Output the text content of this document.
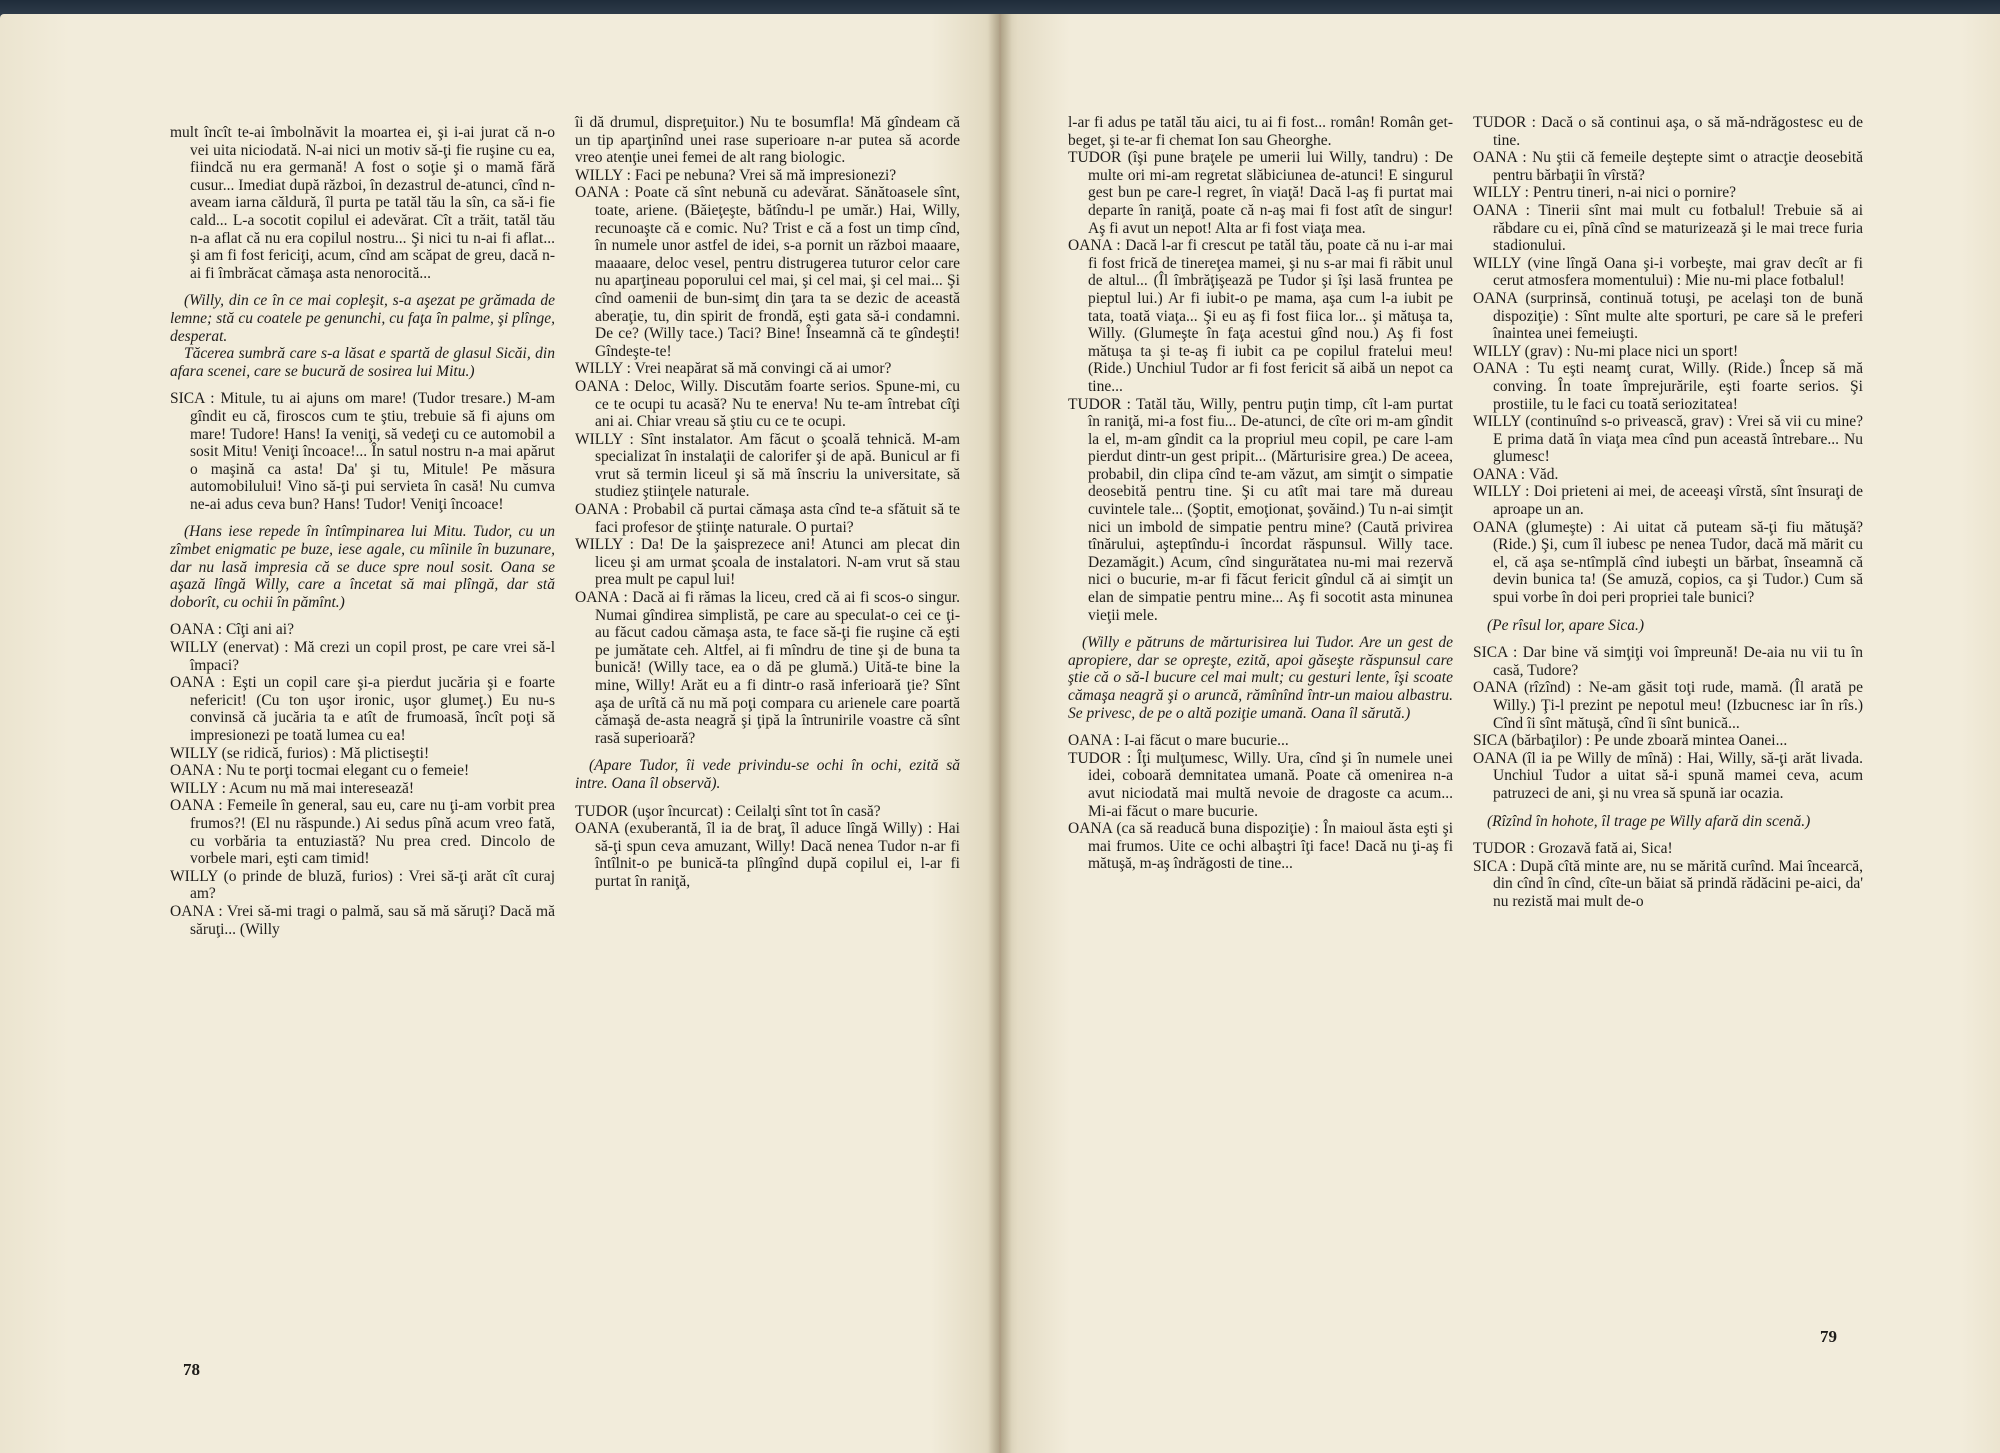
mult încît te-ai îmbolnăvit la moartea ei, şi i-ai jurat că n-o vei uita niciodată. N-ai nici un motiv să-ţi fie ruşine cu ea, fiindcă nu era germană! A fost o soţie şi o mamă fără cusur... Imediat după război, în dezastrul de-atunci, cînd n-aveam iarna căldură, îl purta pe tatăl tău la sîn, ca să-i fie cald... L-a socotit copilul ei adevărat. Cît a trăit, tatăl tău n-a aflat că nu era copilul nostru... Şi nici tu n-ai fi aflat... şi am fi fost fericiţi, acum, cînd am scăpat de greu, dacă n-ai fi îmbrăcat cămaşa asta nenorocită...

(Willy, din ce în ce mai copleşit, s-a aşezat pe grămada de lemne; stă cu coatele pe genunchi, cu faţa în palme, şi plînge, desperat.

Tăcerea sumbră care s-a lăsat e spartă de glasul Sicăi, din afara scenei, care se bucură de sosirea lui Mitu.)

SICA : Mitule, tu ai ajuns om mare! (Tudor tresare.) M-am gîndit eu că, firoscos cum te ştiu, trebuie să fi ajuns om mare! Tudore! Hans! Ia veniţi, să vedeţi cu ce automobil a sosit Mitu! Veniţi încoace!... În satul nostru n-a mai apărut o maşină ca asta! Da' şi tu, Mitule! Pe măsura automobilului! Vino să-ţi pui servieta în casă! Nu cumva ne-ai adus ceva bun? Hans! Tudor! Veniţi încoace!

(Hans iese repede în întîmpinarea lui Mitu. Tudor, cu un zîmbet enigmatic pe buze, iese agale, cu mîinile în buzunare, dar nu lasă impresia că se duce spre noul sosit. Oana se aşază lîngă Willy, care a încetat să mai plîngă, dar stă doborît, cu ochii în pămînt.)

OANA : Cîţi ani ai?

WILLY (enervat) : Mă crezi un copil prost, pe care vrei să-l împaci?

OANA : Eşti un copil care şi-a pierdut jucăria şi e foarte nefericit! (Cu ton uşor ironic, uşor glumeţ.) Eu nu-s convinsă că jucăria ta e atît de frumoasă, încît poţi să impresionezi pe toată lumea cu ea!

WILLY (se ridică, furios) : Mă plictiseşti!

OANA : Nu te porţi tocmai elegant cu o femeie!

WILLY : Acum nu mă mai interesează!

OANA : Femeile în general, sau eu, care nu ţi-am vorbit prea frumos?! (El nu răspunde.) Ai sedus pînă acum vreo fată, cu vorbăria ta entuziastă? Nu prea cred. Dincolo de vorbele mari, eşti cam timid!

WILLY (o prinde de bluză, furios) : Vrei să-ţi arăt cît curaj am?

OANA : Vrei să-mi tragi o palmă, sau să mă săruţi? Dacă mă săruţi... (Willy

îi dă drumul, dispreţuitor.) Nu te bosumfla! Mă gîndeam că un tip aparţinînd unei rase superioare n-ar putea să acorde vreo atenţie unei femei de alt rang biologic.

WILLY : Faci pe nebuna? Vrei să mă impresionezi?

OANA : Poate că sînt nebună cu adevărat. Sănătoasele sînt, toate, ariene. (Băieţeşte, bătîndu-l pe umăr.) Hai, Willy, recunoaşte că e comic. Nu? Trist e că a fost un timp cînd, în numele unor astfel de idei, s-a pornit un război maaare, maaaare, deloc vesel, pentru distrugerea tuturor celor care nu aparţineau poporului cel mai, şi cel mai, şi cel mai... Şi cînd oamenii de bun-simţ din ţara ta se dezic de această aberaţie, tu, din spirit de frondă, eşti gata să-i condamni. De ce? (Willy tace.) Taci? Bine! Înseamnă că te gîndeşti! Gîndeşte-te!

WILLY : Vrei neapărat să mă convingi că ai umor?

OANA : Deloc, Willy. Discutăm foarte serios. Spune-mi, cu ce te ocupi tu acasă? Nu te enerva! Nu te-am întrebat cîţi ani ai. Chiar vreau să ştiu cu ce te ocupi.

WILLY : Sînt instalator. Am făcut o şcoală tehnică. M-am specializat în instalaţii de calorifer şi de apă. Bunicul ar fi vrut să termin liceul şi să mă înscriu la universitate, să studiez ştiinţele naturale.

OANA : Probabil că purtai cămaşa asta cînd te-a sfătuit să te faci profesor de ştiinţe naturale. O purtai?

WILLY : Da! De la şaisprezece ani! Atunci am plecat din liceu şi am urmat şcoala de instalatori. N-am vrut să stau prea mult pe capul lui!

OANA : Dacă ai fi rămas la liceu, cred că ai fi scos-o singur. Numai gîndirea simplistă, pe care au speculat-o cei ce ţi-au făcut cadou cămaşa asta, te face să-ţi fie ruşine că eşti pe jumătate ceh. Altfel, ai fi mîndru de tine şi de buna ta bunică! (Willy tace, ea o dă pe glumă.) Uită-te bine la mine, Willy! Arăt eu a fi dintr-o rasă inferioară ţie? Sînt aşa de urîtă că nu mă poţi compara cu arienele care poartă cămaşă de-asta neagră şi ţipă la întrunirile voastre că sînt rasă superioară?

(Apare Tudor, îi vede privindu-se ochi în ochi, ezită să intre. Oana îl observă).

TUDOR (uşor încurcat) : Ceilalţi sînt tot în casă?

OANA (exuberantă, îl ia de braţ, îl aduce lîngă Willy) : Hai să-ţi spun ceva amuzant, Willy! Dacă nenea Tudor n-ar fi întîlnit-o pe bunică-ta plîngînd după copilul ei, l-ar fi purtat în raniţă,

78

l-ar fi adus pe tatăl tău aici, tu ai fi fost... român! Român get-beget, şi te-ar fi chemat Ion sau Gheorghe.

TUDOR (îşi pune braţele pe umerii lui Willy, tandru) : De multe ori mi-am regretat slăbiciunea de-atunci! E singurul gest bun pe care-l regret, în viaţă! Dacă l-aş fi purtat mai departe în raniţă, poate că n-aş mai fi fost atît de singur! Aş fi avut un nepot! Alta ar fi fost viaţa mea.

OANA : Dacă l-ar fi crescut pe tatăl tău, poate că nu i-ar mai fi fost frică de tinereţea mamei, şi nu s-ar mai fi răbit unul de altul... (Îl îmbrăţişează pe Tudor şi îşi lasă fruntea pe pieptul lui.) Ar fi iubit-o pe mama, aşa cum l-a iubit pe tata, toată viaţa... Şi eu aş fi fost fiica lor... şi mătuşa ta, Willy. (Glumeşte în faţa acestui gînd nou.) Aş fi fost mătuşa ta şi te-aş fi iubit ca pe copilul fratelui meu! (Ride.) Unchiul Tudor ar fi fost fericit să aibă un nepot ca tine...

TUDOR : Tatăl tău, Willy, pentru puţin timp, cît l-am purtat în raniţă, mi-a fost fiu... De-atunci, de cîte ori m-am gîndit la el, m-am gîndit ca la propriul meu copil, pe care l-am pierdut dintr-un gest pripit... (Mărturisire grea.) De aceea, probabil, din clipa cînd te-am văzut, am simţit o simpatie deosebită pentru tine. Şi cu atît mai tare mă dureau cuvintele tale... (Şoptit, emoţionat, şovăind.) Tu n-ai simţit nici un imbold de simpatie pentru mine? (Caută privirea tînărului, aşteptîndu-i încordat răspunsul. Willy tace. Dezamăgit.) Acum, cînd singurătatea nu-mi mai rezervă nici o bucurie, m-ar fi făcut fericit gîndul că ai simţit un elan de simpatie pentru mine... Aş fi socotit asta minunea vieţii mele.

(Willy e pătruns de mărturisirea lui Tudor. Are un gest de apropiere, dar se opreşte, ezită, apoi găseşte răspunsul care ştie că o să-l bucure cel mai mult; cu gesturi lente, îşi scoate cămaşa neagră şi o aruncă, rămînînd într-un maiou albastru. Se privesc, de pe o altă poziţie umană. Oana îl sărută.)

OANA : I-ai făcut o mare bucurie...

TUDOR : Îţi mulţumesc, Willy. Ura, cînd şi în numele unei idei, coboară demnitatea umană. Poate că omenirea n-a avut niciodată mai multă nevoie de dragoste ca acum... Mi-ai făcut o mare bucurie.

OANA (ca să readucă buna dispoziţie) : În maioul ăsta eşti şi mai frumos. Uite ce ochi albaştri îţi face! Dacă nu ţi-aş fi mătuşă, m-aş îndrăgosti de tine...

TUDOR : Dacă o să continui aşa, o să mă-ndrăgostesc eu de tine.

OANA : Nu ştii că femeile deştepte simt o atracţie deosebită pentru bărbaţii în vîrstă?

WILLY : Pentru tineri, n-ai nici o pornire?

OANA : Tinerii sînt mai mult cu fotbalul! Trebuie să ai răbdare cu ei, pînă cînd se maturizează şi le mai trece furia stadionului.

WILLY (vine lîngă Oana şi-i vorbeşte, mai grav decît ar fi cerut atmosfera momentului) : Mie nu-mi place fotbalul!

OANA (surprinsă, continuă totuşi, pe acelaşi ton de bună dispoziţie) : Sînt multe alte sporturi, pe care să le preferi înaintea unei femeiuşti.

WILLY (grav) : Nu-mi place nici un sport!

OANA : Tu eşti neamţ curat, Willy. (Ride.) Încep să mă conving. În toate împrejurările, eşti foarte serios. Şi prostiile, tu le faci cu toată seriozitatea!

WILLY (continuînd s-o privească, grav) : Vrei să vii cu mine? E prima dată în viaţa mea cînd pun această întrebare... Nu glumesc!

OANA : Văd.

WILLY : Doi prieteni ai mei, de aceeaşi vîrstă, sînt însuraţi de aproape un an.

OANA (glumeşte) : Ai uitat că puteam să-ţi fiu mătuşă? (Ride.) Şi, cum îl iubesc pe nenea Tudor, dacă mă mărit cu el, că aşa se-ntîmplă cînd iubeşti un bărbat, înseamnă că devin bunica ta! (Se amuză, copios, ca şi Tudor.) Cum să spui vorbe în doi peri propriei tale bunici?

(Pe rîsul lor, apare Sica.)

SICA : Dar bine vă simţiţi voi împreună! De-aia nu vii tu în casă, Tudore?

OANA (rîzînd) : Ne-am găsit toţi rude, mamă. (Îl arată pe Willy.) Ţi-l prezint pe nepotul meu! (Izbucnesc iar în rîs.) Cînd îi sînt mătuşă, cînd îi sînt bunică...

SICA (bărbaţilor) : Pe unde zboară mintea Oanei...

OANA (îl ia pe Willy de mînă) : Hai, Willy, să-ţi arăt livada. Unchiul Tudor a uitat să-i spună mamei ceva, acum patruzeci de ani, şi nu vrea să spună iar ocazia.

(Rîzînd în hohote, îl trage pe Willy afară din scenă.)

TUDOR : Grozavă fată ai, Sica!

SICA : După cîtă minte are, nu se mărită curînd. Mai încearcă, din cînd în cînd, cîte-un băiat să prindă rădăcini pe-aici, da' nu rezistă mai mult de-o

79
